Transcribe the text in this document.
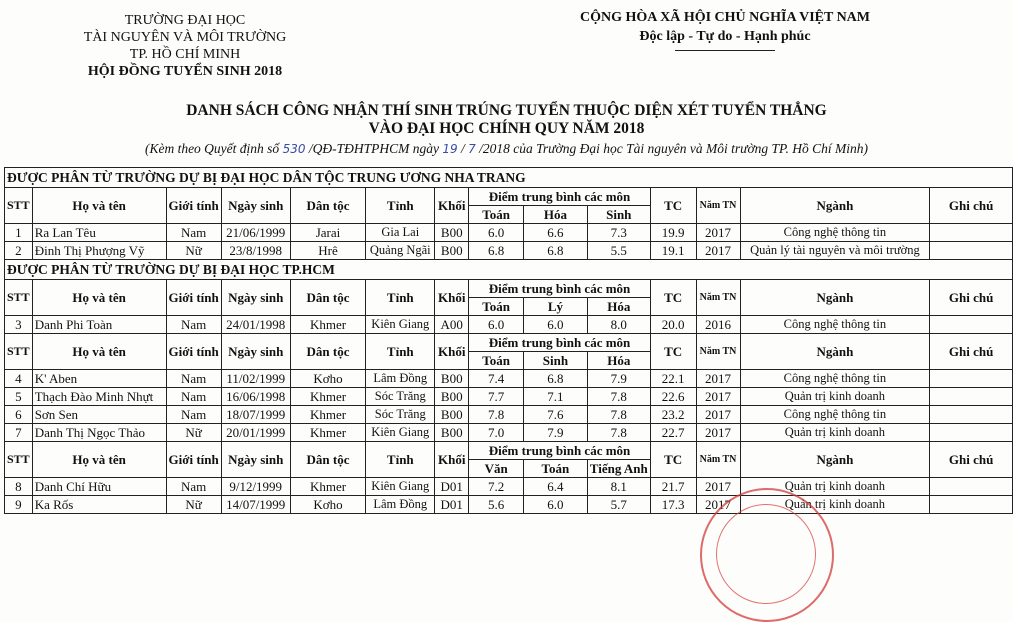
TRƯỜNG ĐẠI HỌC
TÀI NGUYÊN VÀ MÔI TRƯỜNG
TP. HỒ CHÍ MINH
HỘI ĐỒNG TUYỂN SINH 2018
CỘNG HÒA XÃ HỘI CHỦ NGHĨA VIỆT NAM
Độc lập - Tự do - Hạnh phúc
DANH SÁCH CÔNG NHẬN THÍ SINH TRÚNG TUYỂN THUỘC DIỆN XÉT TUYỂN THẲNG
VÀO ĐẠI HỌC CHÍNH QUY NĂM 2018
(Kèm theo Quyết định số 530 /QĐ-TĐHTPHCM ngày 19 / 7 /2018 của Trường Đại học Tài nguyên và Môi trường TP. Hồ Chí Minh)
ĐƯỢC PHÂN TỪ TRƯỜNG DỰ BỊ ĐẠI HỌC DÂN TỘC TRUNG ƯƠNG NHA TRANG													
STT	Họ và tên	Giới tính	Ngày sinh	Dân tộc	Tỉnh	Khối	Điểm trung bình các môn			TC	Năm TN	Ngành	Ghi chú
							Toán	Hóa	Sinh				
1	Ra Lan Têu	Nam	21/06/1999	Jarai	Gia Lai	B00	6.0	6.6	7.3	19.9	2017	Công nghệ thông tin	
2	Đinh Thị Phượng Vỹ	Nữ	23/8/1998	Hrê	Quảng Ngãi	B00	6.8	6.8	5.5	19.1	2017	Quản lý tài nguyên và môi trường	
ĐƯỢC PHÂN TỪ TRƯỜNG DỰ BỊ ĐẠI HỌC TP.HCM													
STT	Họ và tên	Giới tính	Ngày sinh	Dân tộc	Tỉnh	Khối	Điểm trung bình các môn			TC	Năm TN	Ngành	Ghi chú
							Toán	Lý	Hóa				
3	Danh Phi Toàn	Nam	24/01/1998	Khmer	Kiên Giang	A00	6.0	6.0	8.0	20.0	2016	Công nghệ thông tin	
STT	Họ và tên	Giới tính	Ngày sinh	Dân tộc	Tỉnh	Khối	Điểm trung bình các môn			TC	Năm TN	Ngành	Ghi chú
							Toán	Sinh	Hóa				
4	K' Aben	Nam	11/02/1999	Kơho	Lâm Đồng	B00	7.4	6.8	7.9	22.1	2017	Công nghệ thông tin	
5	Thạch Đào Minh Nhựt	Nam	16/06/1998	Khmer	Sóc Trăng	B00	7.7	7.1	7.8	22.6	2017	Quản trị kinh doanh	
6	Sơn Sen	Nam	18/07/1999	Khmer	Sóc Trăng	B00	7.8	7.6	7.8	23.2	2017	Công nghệ thông tin	
7	Danh Thị Ngọc Thảo	Nữ	20/01/1999	Khmer	Kiên Giang	B00	7.0	7.9	7.8	22.7	2017	Quản trị kinh doanh	
STT	Họ và tên	Giới tính	Ngày sinh	Dân tộc	Tỉnh	Khối	Điểm trung bình các môn			TC	Năm TN	Ngành	Ghi chú
							Văn	Toán	Tiếng Anh				
8	Danh Chí Hữu	Nam	9/12/1999	Khmer	Kiên Giang	D01	7.2	6.4	8.1	21.7	2017	Quản trị kinh doanh	
9	Ka Rốs	Nữ	14/07/1999	Kơho	Lâm Đồng	D01	5.6	6.0	5.7	17.3	2017	Quản trị kinh doanh	
